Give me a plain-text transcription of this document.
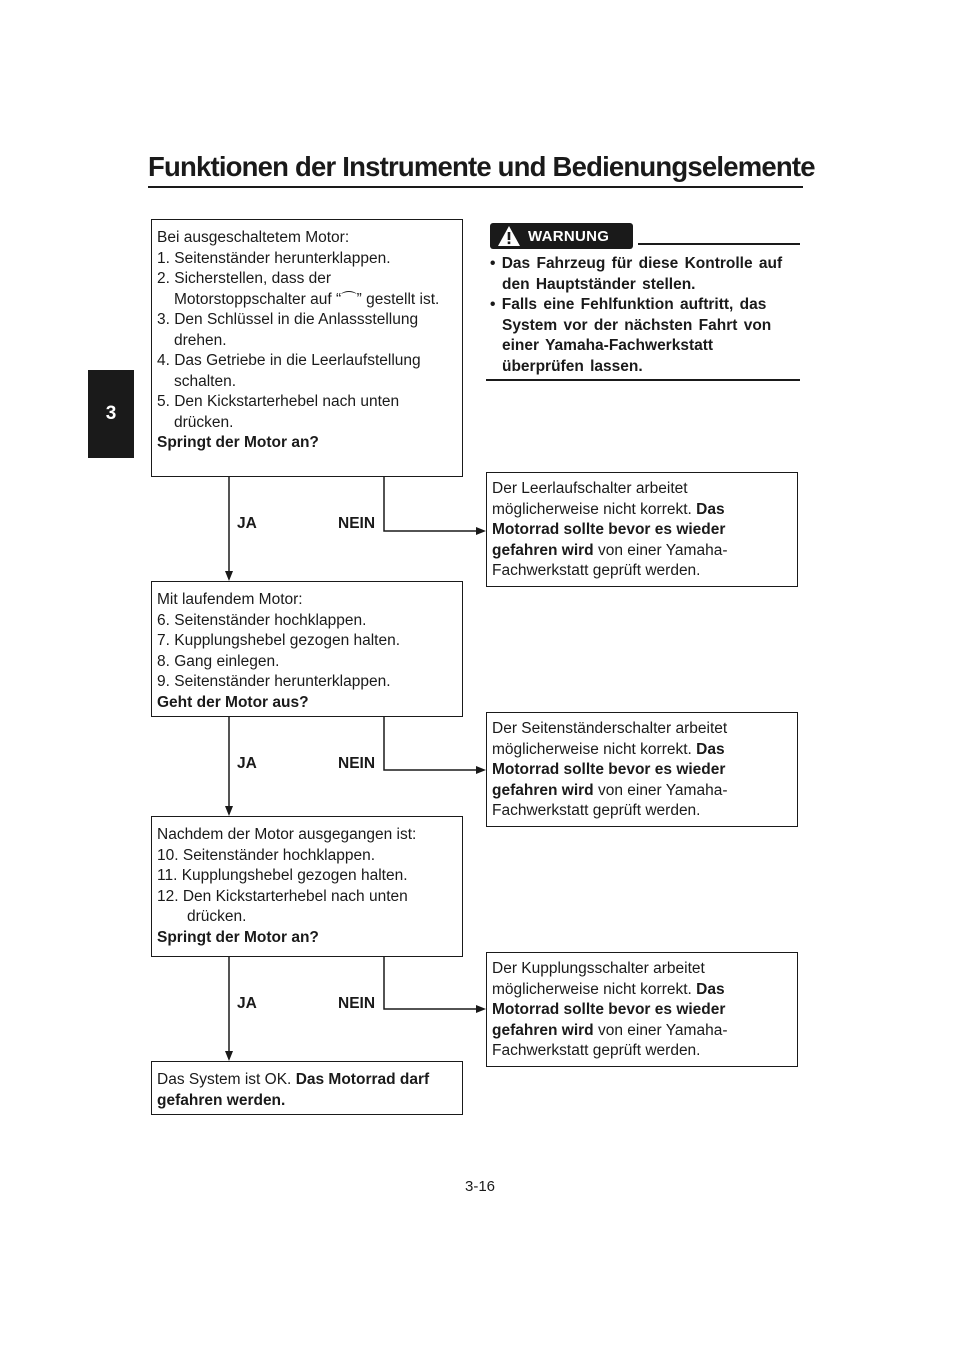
Funktionen der Instrumente und Bedienungselemente
3
Bei ausgeschaltetem Motor:
1. Seitenständer herunterklappen.
2. Sicherstellen, dass der Motorstoppschalter auf “⌒” gestellt ist.
3. Den Schlüssel in die Anlassstellung drehen.
4. Das Getriebe in die Leerlaufstellung schalten.
5. Den Kickstarterhebel nach unten drücken.
Springt der Motor an?
WARNUNG
• Das Fahrzeug für diese Kontrolle auf den Hauptständer stellen.
• Falls eine Fehlfunktion auftritt, das System vor der nächsten Fahrt von einer Yamaha-Fachwerkstatt überprüfen lassen.
Der Leerlaufschalter arbeitet möglicherweise nicht korrekt. Das Motorrad sollte bevor es wieder gefahren wird von einer Yamaha-Fachwerkstatt geprüft werden.
Mit laufendem Motor:
6. Seitenständer hochklappen.
7. Kupplungshebel gezogen halten.
8. Gang einlegen.
9. Seitenständer herunterklappen.
Geht der Motor aus?
Der Seitenständerschalter arbeitet möglicherweise nicht korrekt. Das Motorrad sollte bevor es wieder gefahren wird von einer Yamaha-Fachwerkstatt geprüft werden.
Nachdem der Motor ausgegangen ist:
10. Seitenständer hochklappen.
11. Kupplungshebel gezogen halten.
12. Den Kickstarterhebel nach unten drücken.
Springt der Motor an?
Der Kupplungsschalter arbeitet möglicherweise nicht korrekt. Das Motorrad sollte bevor es wieder gefahren wird von einer Yamaha-Fachwerkstatt geprüft werden.
Das System ist OK. Das Motorrad darf gefahren werden.
JA	NEIN
JA	NEIN
JA	NEIN
3-16
